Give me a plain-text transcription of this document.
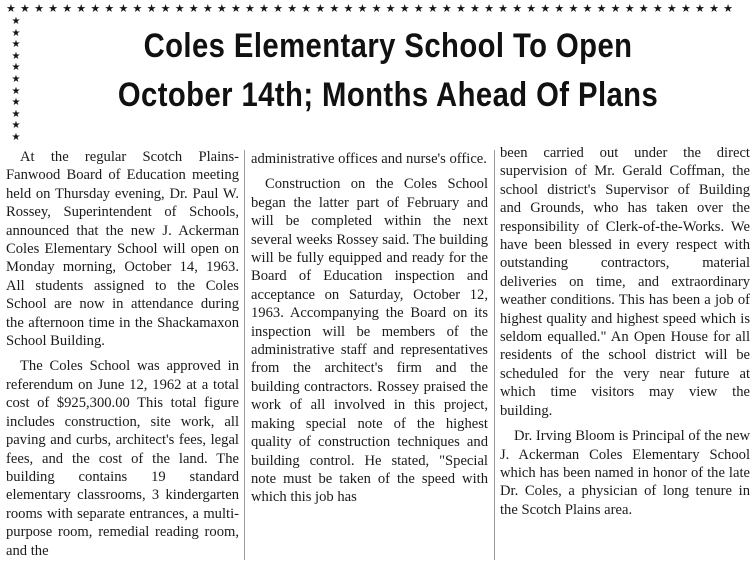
★★★★★★★★★★★★★★★★★★★★★★★★★★★★★★★★★★★★★★★★★★★★★★★★★★★★
★ ★ ★ ★ ★ ★ ★ ★ ★ ★ ★
Coles Elementary School To Open
October 14th; Months Ahead Of Plans

At the regular Scotch Plains-Fanwood Board of Education meeting held on Thursday evening, Dr. Paul W. Rossey, Superintendent of Schools, announced that the new J. Ackerman Coles Elementary School will open on Monday morning, October 14, 1963. All students assigned to the Coles School are now in attendance during the afternoon time in the Shackamaxon School Building.

The Coles School was approved in referendum on June 12, 1962 at a total cost of $925,300.00 This total figure includes construction, site work, all paving and curbs, architect's fees, legal fees, and the cost of the land. The building contains 19 standard elementary classrooms, 3 kindergarten rooms with separate entrances, a multi-purpose room, remedial reading room, and the

administrative offices and nurse's office.

Construction on the Coles School began the latter part of February and will be completed within the next several weeks Rossey said. The building will be fully equipped and ready for the Board of Education inspection and acceptance on Saturday, October 12, 1963. Accompanying the Board on its inspection will be members of the administrative staff and representatives from the architect's firm and the building contractors. Rossey praised the work of all involved in this project, making special note of the highest quality of construction techniques and building control. He stated, "Special note must be taken of the speed with which this job has

been carried out under the direct supervision of Mr. Gerald Coffman, the school district's Supervisor of Building and Grounds, who has taken over the responsibility of Clerk-of-the-Works. We have been blessed in every respect with outstanding contractors, material deliveries on time, and extraordinary weather conditions. This has been a job of highest quality and highest speed which is seldom equalled." An Open House for all residents of the school district will be scheduled for the very near future at which time visitors may view the building.

Dr. Irving Bloom is Principal of the new J. Ackerman Coles Elementary School which has been named in honor of the late Dr. Coles, a physician of long tenure in the Scotch Plains area.
